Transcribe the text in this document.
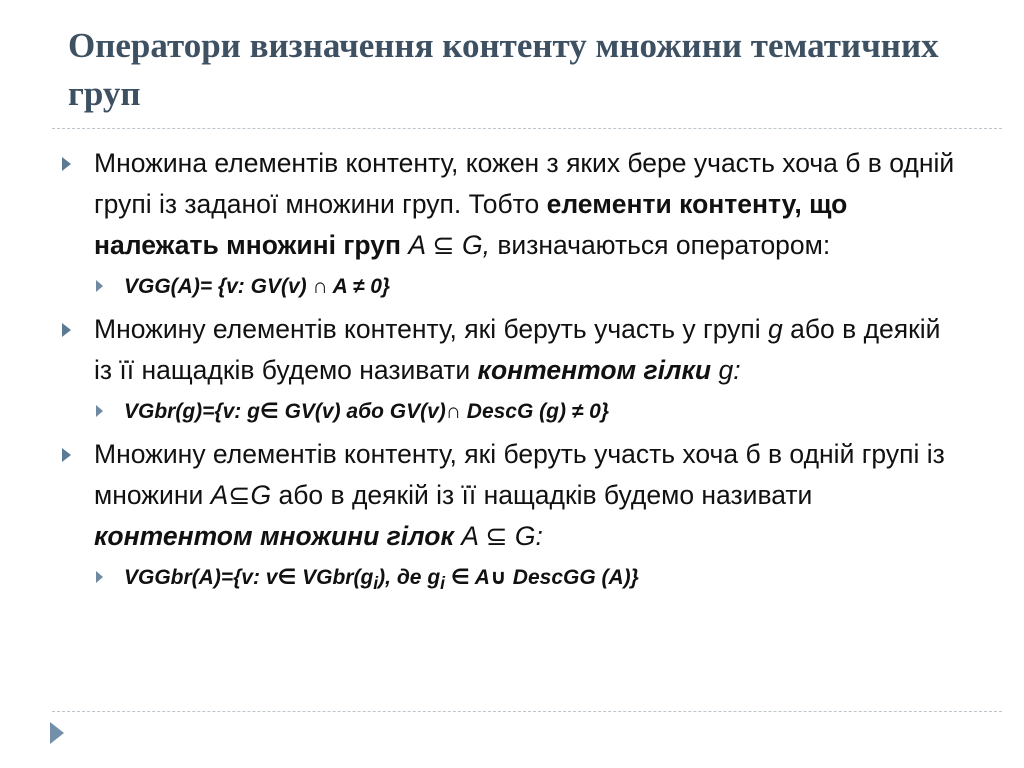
Оператори визначення контенту множини тематичних груп

Множина елементів контенту, кожен з яких бере участь хоча б в одній групі із заданої множини груп. Тобто елементи контенту, що належать множині груп A ⊆ G, визначаються оператором:

VGG(A)= {v: GV(v) ∩ A ≠ 0}

Множину елементів контенту, які беруть участь у групі g або в деякій із її нащадків будемо називати контентом гілки g:

VGbr(g)={v: g∈ GV(v) або GV(v)∩ DescG (g) ≠ 0}

Множину елементів контенту, які беруть участь хоча б в одній групі із множини A⊆G або в деякій із її нащадків будемо називати контентом множини гілок A ⊆ G:

VGGbr(A)={v: v∈ $VGbr(g_i)$, де $g_i$ ∈ A∪ DescGG (A)}
